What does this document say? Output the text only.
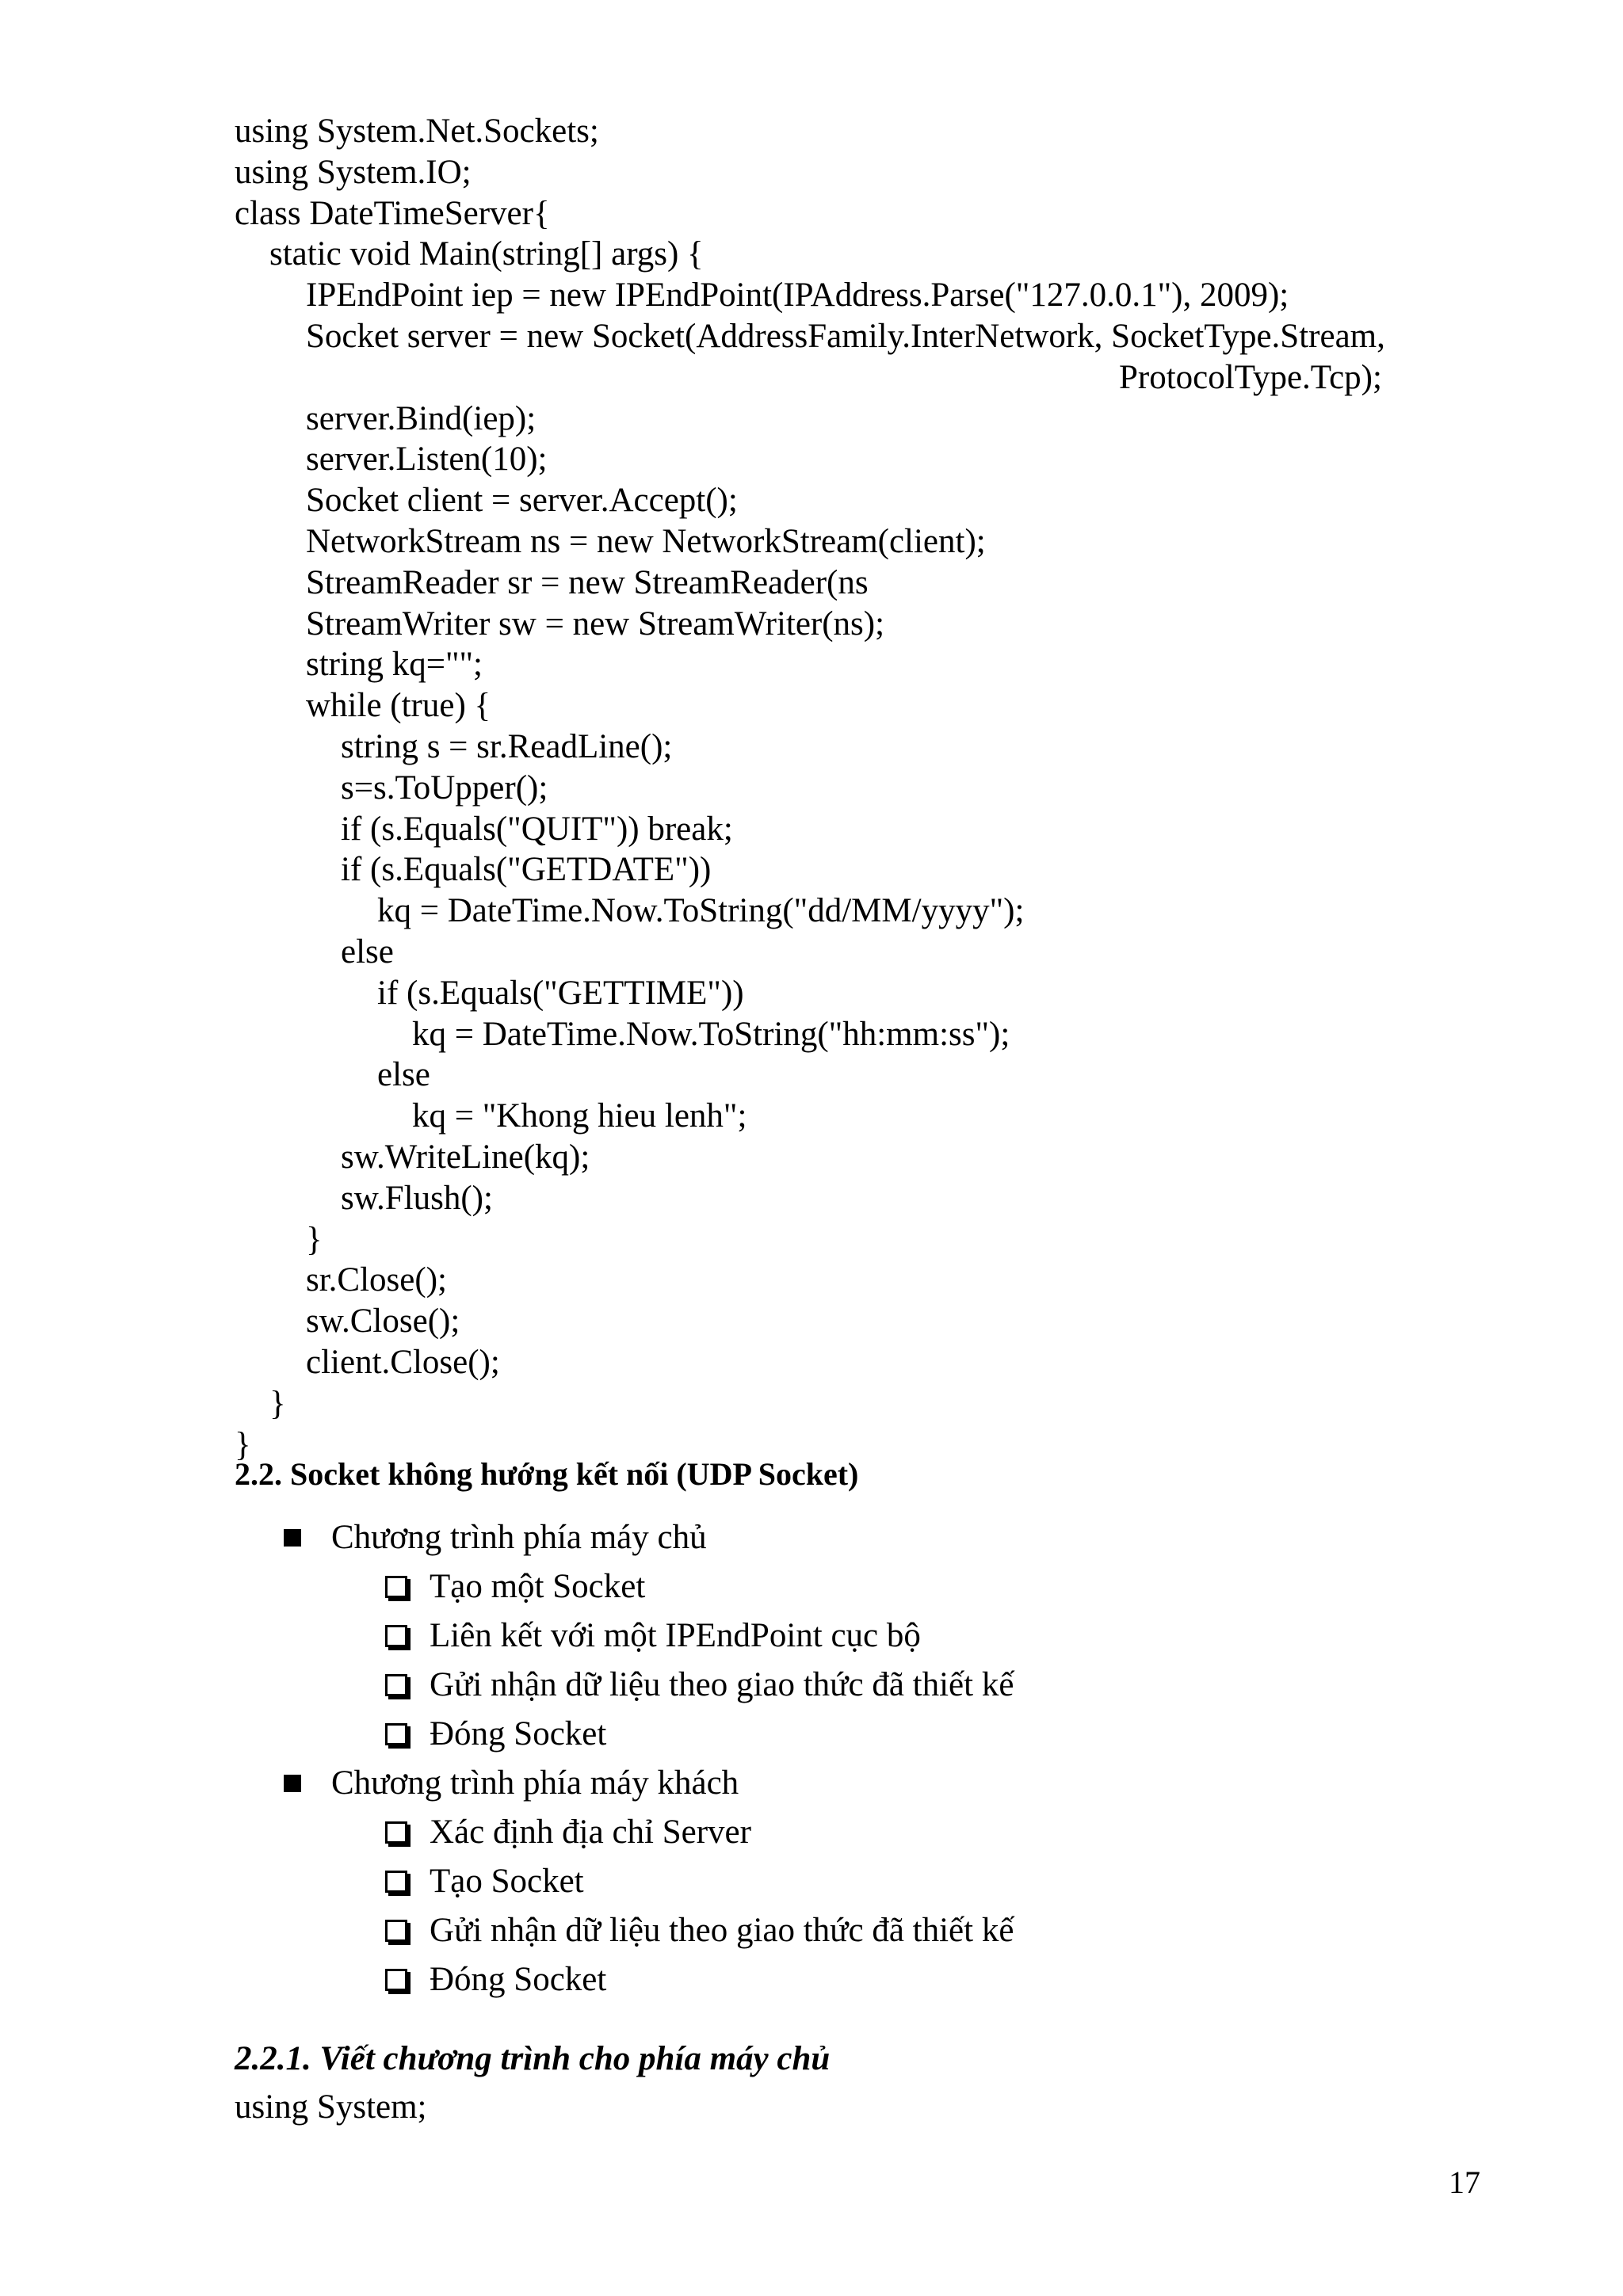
using System.Net.Sockets;
using System.IO;
class DateTimeServer{
static void Main(string[] args) {
IPEndPoint iep = new IPEndPoint(IPAddress.Parse("127.0.0.1"), 2009);
Socket server = new Socket(AddressFamily.InterNetwork, SocketType.Stream,
ProtocolType.Tcp);
server.Bind(iep);
server.Listen(10);
Socket client = server.Accept();
NetworkStream ns = new NetworkStream(client);
StreamReader sr = new StreamReader(ns
StreamWriter sw = new StreamWriter(ns);
string kq="";
while (true) {
string s = sr.ReadLine();
s=s.ToUpper();
if (s.Equals("QUIT")) break;
if (s.Equals("GETDATE"))
kq = DateTime.Now.ToString("dd/MM/yyyy");
else
if (s.Equals("GETTIME"))
kq = DateTime.Now.ToString("hh:mm:ss");
else
kq = "Khong hieu lenh";
sw.WriteLine(kq);
sw.Flush();
}
sr.Close();
sw.Close();
client.Close();
}
}
2.2. Socket không hướng kết nối (UDP Socket)
Chương trình phía máy chủ
Tạo một Socket
Liên kết với một IPEndPoint cục bộ
Gửi nhận dữ liệu theo giao thức đã thiết kế
Đóng Socket
Chương trình phía máy khách
Xác định địa chỉ Server
Tạo Socket
Gửi nhận dữ liệu theo giao thức đã thiết kế
Đóng Socket
2.2.1. Viết chương trình cho phía máy chủ
using System;
17
